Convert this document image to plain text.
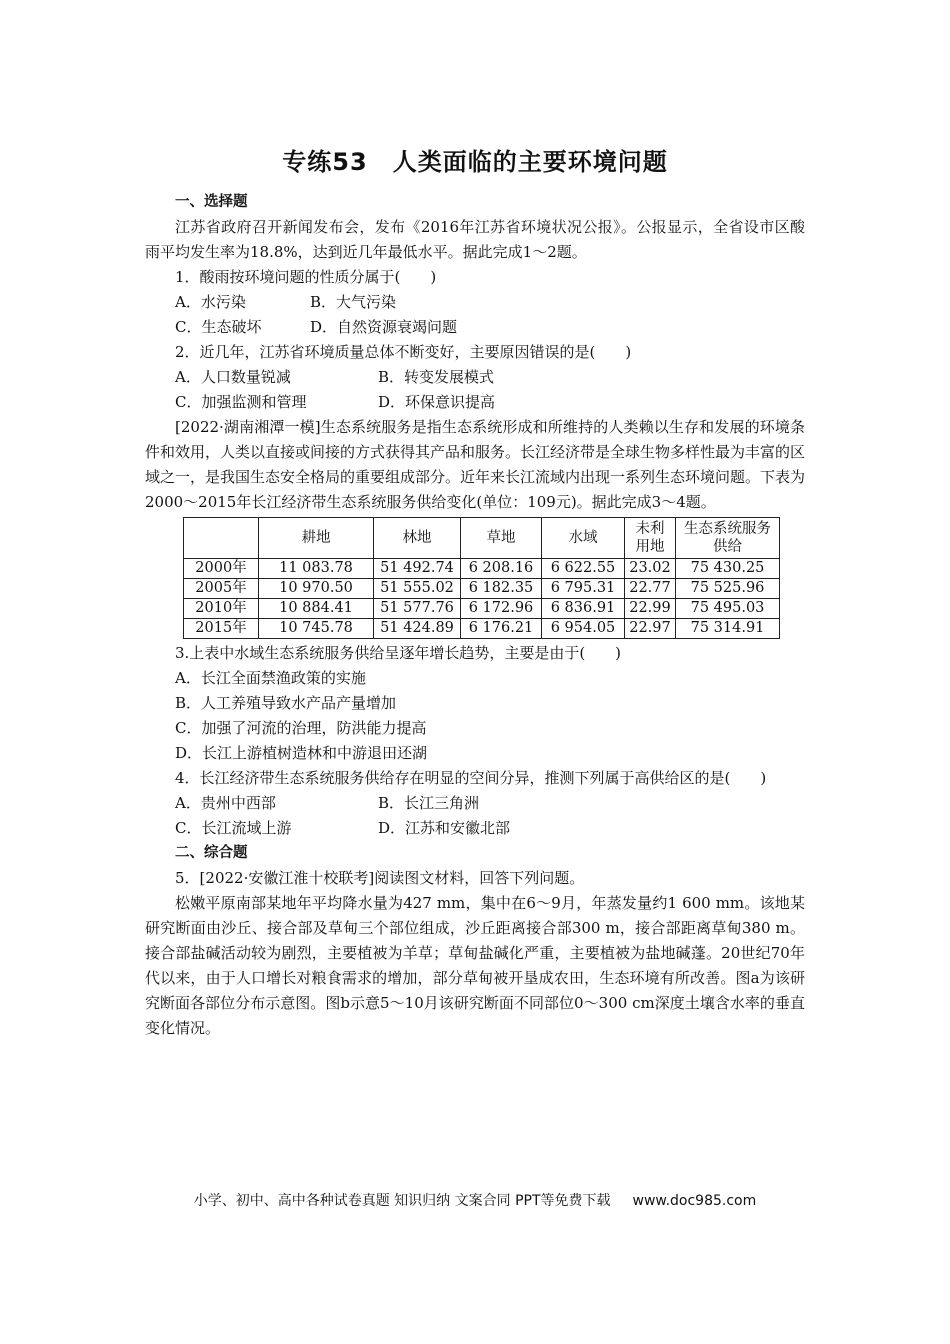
专练53　人类面临的主要环境问题
一、选择题

江苏省政府召开新闻发布会，发布《2016年江苏省环境状况公报》。公报显示，全省设市区酸雨平均发生率为18.8%，达到近几年最低水平。据此完成1～2题。

1．酸雨按环境问题的性质分属于(　　)

A．水污染	B．大气污染
C．生态破坏	D．自然资源衰竭问题

2．近几年，江苏省环境质量总体不断变好，主要原因错误的是(　　)

A．人口数量锐减	B．转变发展模式
C．加强监测和管理	D．环保意识提高

[2022·湖南湘潭一模]生态系统服务是指生态系统形成和所维持的人类赖以生存和发展的环境条件和效用，人类以直接或间接的方式获得其产品和服务。长江经济带是全球生物多样性最为丰富的区域之一，是我国生态安全格局的重要组成部分。近年来长江流域内出现一系列生态环境问题。下表为2000～2015年长江经济带生态系统服务供给变化(单位：109元)。据此完成3～4题。

	耕地	林地	草地	水域	未利用地	生态系统服务供给
2000年	11 083.78	51 492.74	6 208.16	6 622.55	23.02	75 430.25
2005年	10 970.50	51 555.02	6 182.35	6 795.31	22.77	75 525.96
2010年	10 884.41	51 577.76	6 172.96	6 836.91	22.99	75 495.03
2015年	10 745.78	51 424.89	6 176.21	6 954.05	22.97	75 314.91

3.上表中水域生态系统服务供给呈逐年增长趋势，主要是由于(　　)

A．长江全面禁渔政策的实施
B．人工养殖导致水产品产量增加
C．加强了河流的治理，防洪能力提高
D．长江上游植树造林和中游退田还湖

4．长江经济带生态系统服务供给存在明显的空间分异，推测下列属于高供给区的是(　　)

A．贵州中西部	B．长江三角洲
C．长江流域上游	D．江苏和安徽北部
二、综合题

5．[2022·安徽江淮十校联考]阅读图文材料，回答下列问题。

松嫩平原南部某地年平均降水量为427 mm，集中在6～9月，年蒸发量约1 600 mm。该地某研究断面由沙丘、接合部及草甸三个部位组成，沙丘距离接合部300 m，接合部距离草甸380 m。接合部盐碱活动较为剧烈，主要植被为羊草；草甸盐碱化严重，主要植被为盐地碱蓬。20世纪70年代以来，由于人口增长对粮食需求的增加，部分草甸被开垦成农田，生态环境有所改善。图a为该研究断面各部位分布示意图。图b示意5～10月该研究断面不同部位0～300 cm深度土壤含水率的垂直变化情况。

小学、初中、高中各种试卷真题 知识归纳 文案合同 PPT等免费下载 www.doc985.com
